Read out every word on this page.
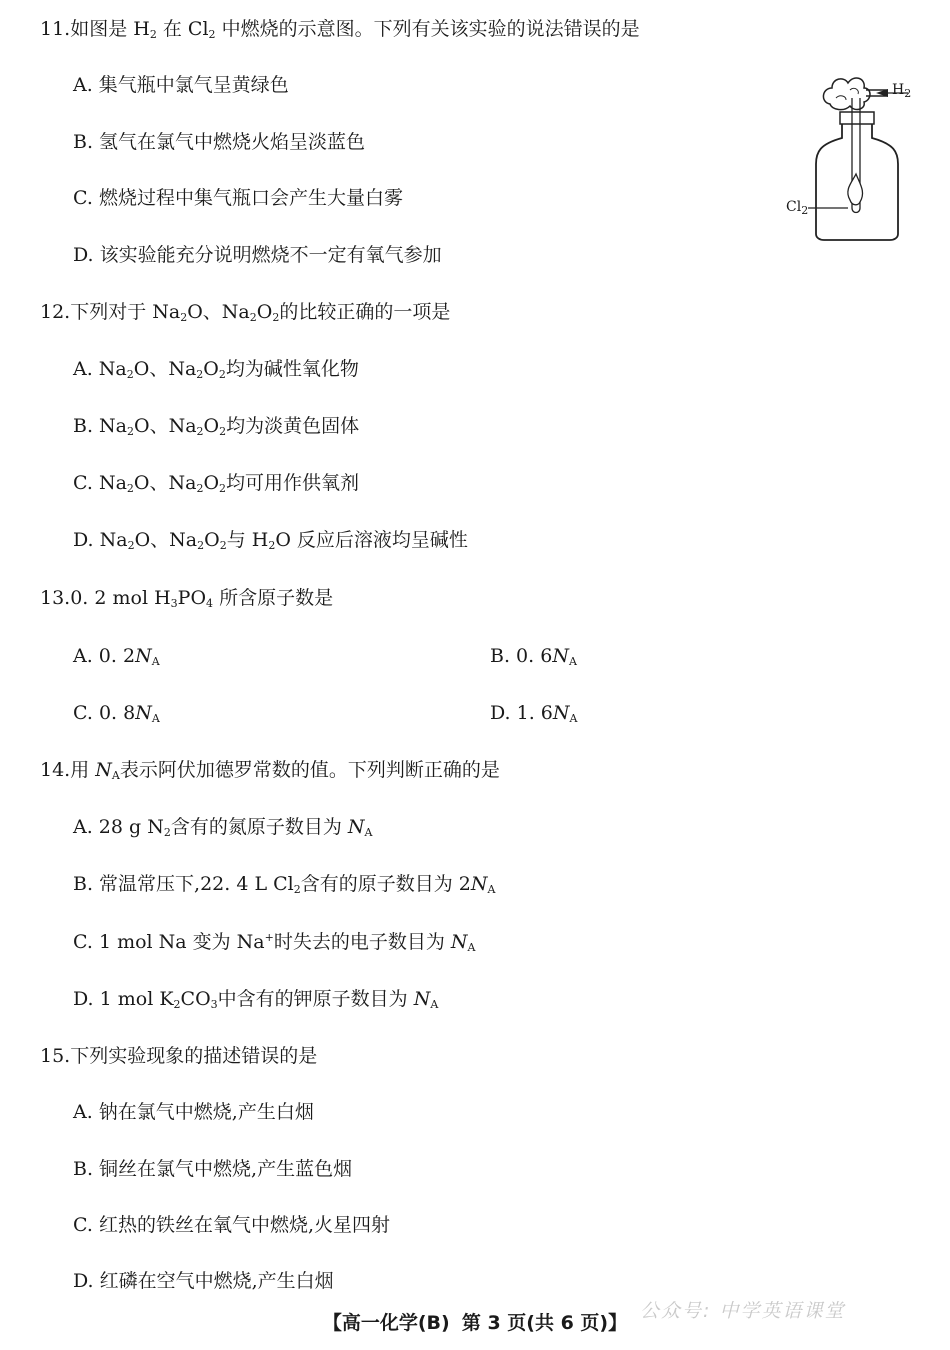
11.如图是 $H_2$ 在 $Cl_2$ 中燃烧的示意图。下列有关该实验的说法错误的是
A. 集气瓶中氯气呈黄绿色
B. 氢气在氯气中燃烧火焰呈淡蓝色
C. 燃烧过程中集气瓶口会产生大量白雾
D. 该实验能充分说明燃烧不一定有氧气参加
$H_2$
$Cl_2$
12.下列对于 $Na_2O$、$Na_2O_2$的比较正确的一项是
A. $Na_2O$、$Na_2O_2$均为碱性氧化物
B. $Na_2O$、$Na_2O_2$均为淡黄色固体
C. $Na_2O$、$Na_2O_2$均可用作供氧剂
D. $Na_2O$、$Na_2O_2$与 $H_2O$ 反应后溶液均呈碱性
13.0. 2 mol $H_3PO_4$ 所含原子数是
A. 0. $2N_A$	B. 0. $6N_A$
C. 0. $8N_A$	D. 1. $6N_A$
14.用 $N_A$表示阿伏加德罗常数的值。下列判断正确的是
A. 28 g $N_2$含有的氮原子数目为 $N_A$
B. 常温常压下,22. 4 L $Cl_2$含有的原子数目为 $2N_A$
C. 1 mol Na 变为 Na+时失去的电子数目为 $N_A$
D. 1 mol $K_2CO_3$中含有的钾原子数目为 $N_A$
15.下列实验现象的描述错误的是
A. 钠在氯气中燃烧,产生白烟
B. 铜丝在氯气中燃烧,产生蓝色烟
C. 红热的铁丝在氧气中燃烧,火星四射
D. 红磷在空气中燃烧,产生白烟
【高一化学(B) 第 3 页(共 6 页)】
公众号: 中学英语课堂
